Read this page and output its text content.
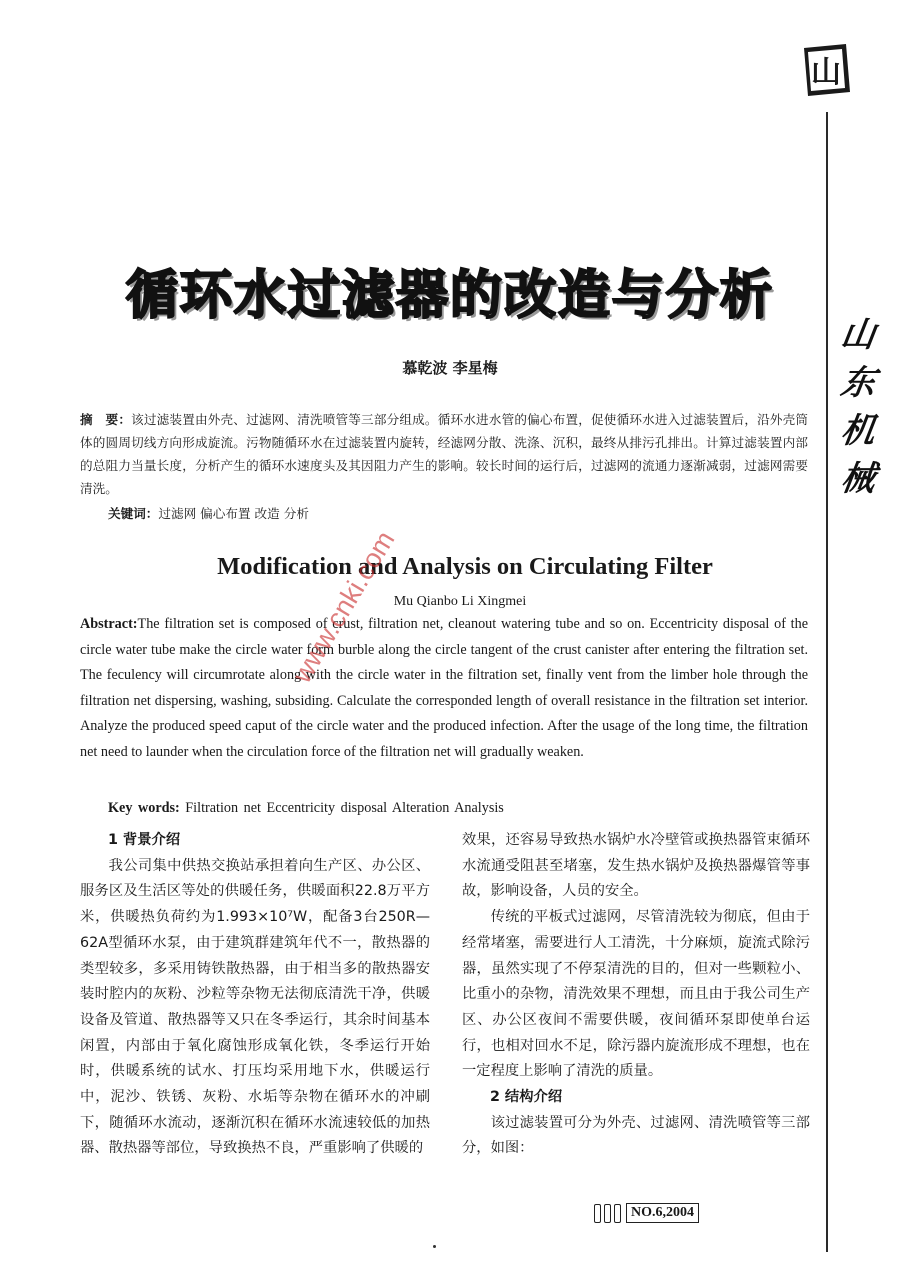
山
山
东
机
械
循环水过滤器的改造与分析
慕乾波 李星梅
摘　要：该过滤装置由外壳、过滤网、清洗喷管等三部分组成。循环水进水管的偏心布置，促使循环水进入过滤装置后，沿外壳筒体的圆周切线方向形成旋流。污物随循环水在过滤装置内旋转，经滤网分散、洗涤、沉积，最终从排污孔排出。计算过滤装置内部的总阻力当量长度，分析产生的循环水速度头及其因阻力产生的影响。较长时间的运行后，过滤网的流通力逐渐减弱，过滤网需要清洗。
关键词：过滤网 偏心布置 改造 分析
Modification and Analysis on Circulating Filter
Mu Qianbo Li Xingmei
Abstract:The filtration set is composed of crust, filtration net, cleanout watering tube and so on. Eccentricity disposal of the circle water tube make the circle water form burble along the circle tangent of the crust canister after entering the filtration set. The feculency will circumrotate along with the circle water in the filtration set, finally vent from the limber hole through the filtration net dispersing, washing, subsiding. Calculate the corresponded length of overall resistance in the filtration set interior. Analyze the produced speed caput of the circle water and the produced infection. After the usage of the long time, the filtration net need to launder when the circulation force of the filtration net will gradually weaken.
Key words: Filtration net Eccentricity disposal Alteration Analysis
1 背景介绍

我公司集中供热交换站承担着向生产区、办公区、服务区及生活区等处的供暖任务，供暖面积22.8万平方米，供暖热负荷约为1.993×10⁷W，配备3台250R—62A型循环水泵，由于建筑群建筑年代不一，散热器的类型较多，多采用铸铁散热器，由于相当多的散热器安装时腔内的灰粉、沙粒等杂物无法彻底清洗干净，供暖设备及管道、散热器等又只在冬季运行，其余时间基本闲置，内部由于氧化腐蚀形成氧化铁，冬季运行开始时，供暖系统的试水、打压均采用地下水，供暖运行中，泥沙、铁锈、灰粉、水垢等杂物在循环水的冲刷下，随循环水流动，逐渐沉积在循环水流速较低的加热器、散热器等部位，导致换热不良，严重影响了供暖的

效果，还容易导致热水锅炉水冷壁管或换热器管束循环水流通受阻甚至堵塞，发生热水锅炉及换热器爆管等事故，影响设备，人员的安全。

传统的平板式过滤网，尽管清洗较为彻底，但由于经常堵塞，需要进行人工清洗，十分麻烦，旋流式除污器，虽然实现了不停泵清洗的目的，但对一些颗粒小、比重小的杂物，清洗效果不理想，而且由于我公司生产区、办公区夜间不需要供暖，夜间循环泵即使单台运行，也相对回水不足，除污器内旋流形成不理想，也在一定程度上影响了清洗的质量。

2 结构介绍

该过滤装置可分为外壳、过滤网、清洗喷管等三部分，如图：

www.cnki.com
NO.6,2004
